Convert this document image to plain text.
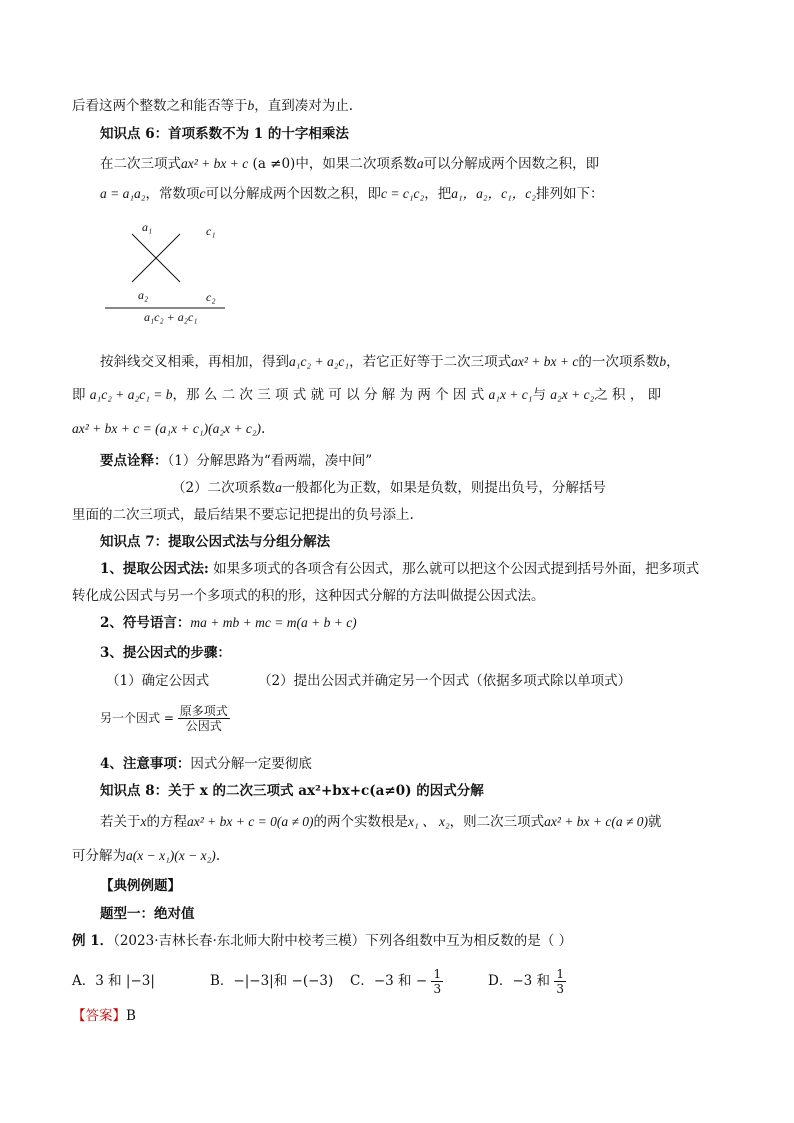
后看这两个整数之和能否等于b，直到凑对为止.
知识点 6：首项系数不为 1 的十字相乘法
在二次三项式ax² + bx + c (a ≠0)中，如果二次项系数a可以分解成两个因数之积，即
a = a₁a₂，常数项c可以分解成两个因数之积，即c = c₁c₂，把a₁，a₂，c₁，c₂排列如下：
a₁	c₁
a₂	c₂
a₁c₂ + a₂c₁
按斜线交叉相乘，再相加，得到a₁c₂ + a₂c₁，若它正好等于二次三项式ax² + bx + c的一次项系数b，
即 a₁c₂ + a₂c₁ = b，那 么 二 次 三 项 式 就 可 以 分 解 为 两 个 因 式 a₁x + c₁与 a₂x + c₂之 积 ， 即
ax² + bx + c = (a₁x + c₁)(a₂x + c₂).
要点诠释：（1）分解思路为“看两端，凑中间”
（2）二次项系数a一般都化为正数，如果是负数，则提出负号，分解括号
里面的二次三项式，最后结果不要忘记把提出的负号添上.
知识点 7：提取公因式法与分组分解法
1、提取公因式法: 如果多项式的各项含有公因式，那么就可以把这个公因式提到括号外面，把多项式
转化成公因式与另一个多项式的积的形，这种因式分解的方法叫做提公因式法。
2、符号语言：ma + mb + mc = m(a + b + c)
3、提公因式的步骤：
（1）确定公因式	（2）提出公因式并确定另一个因式（依据多项式除以单项式）
另一个因式 = $\frac{\text{原多项式}}{\text{公因式}}$
4、注意事项：因式分解一定要彻底
知识点 8：关于 x 的二次三项式 ax²+bx+c(a≠0) 的因式分解
若关于x的方程ax² + bx + c = 0(a ≠ 0)的两个实数根是x₁ 、 x₂，则二次三项式ax² + bx + c(a ≠ 0)就
可分解为a(x − x₁)(x − x₂).
【典例例题】
题型一：绝对值
例 1．（2023·吉林长春·东北师大附中校考三模）下列各组数中互为相反数的是（ ）
A．3 和 |−3|	B．−|−3|和 −(−3) C．−3 和 − $\frac{1}{3}$	D．−3 和 $\frac{1}{3}$
【答案】B
